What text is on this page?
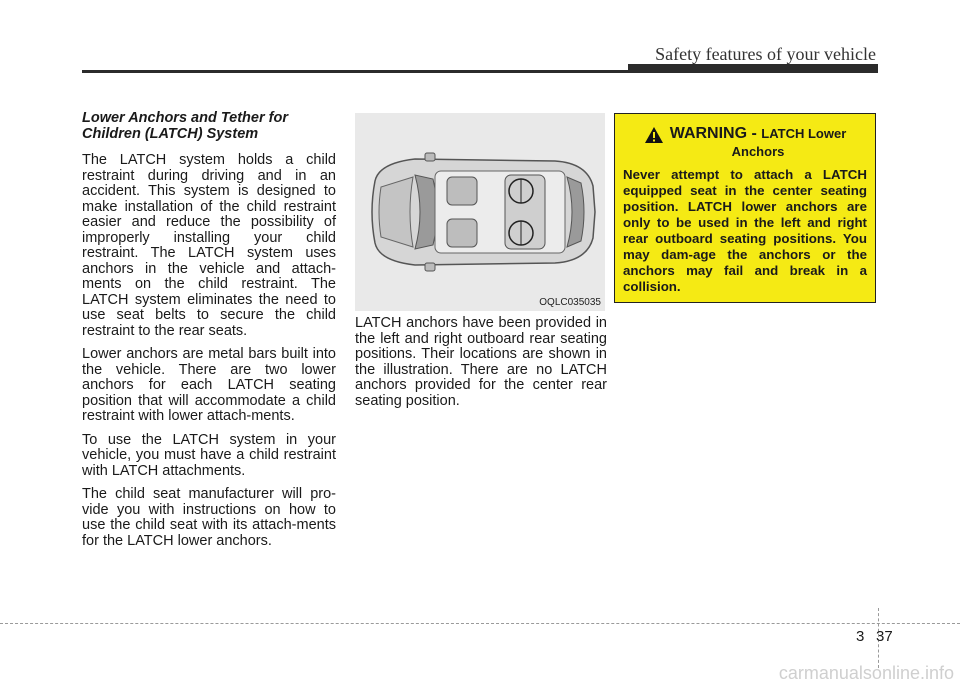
Safety features of your vehicle
Lower Anchors and Tether for Children (LATCH) System

The LATCH system holds a child restraint during driving and in an accident. This system is designed to make installation of the child restraint easier and reduce the possibility of improperly installing your child restraint. The LATCH system uses anchors in the vehicle and attach-ments on the child restraint. The LATCH system eliminates the need to use seat belts to secure the child restraint to the rear seats.

Lower anchors are metal bars built into the vehicle. There are two lower anchors for each LATCH seating position that will accommodate a child restraint with lower attach-ments.

To use the LATCH system in your vehicle, you must have a child restraint with LATCH attachments.

The child seat manufacturer will pro-vide you with instructions on how to use the child seat with its attach-ments for the LATCH lower anchors.

OQLC035035

LATCH anchors have been provided in the left and right outboard rear seating positions. Their locations are shown in the illustration. There are no LATCH anchors provided for the center rear seating position.

WARNING - LATCH Lower
Anchors

Never attempt to attach a LATCH equipped seat in the center seating position. LATCH lower anchors are only to be used in the left and right rear outboard seating positions. You may dam-age the anchors or the anchors may fail and break in a collision.

3 37
carmanualsonline.info
